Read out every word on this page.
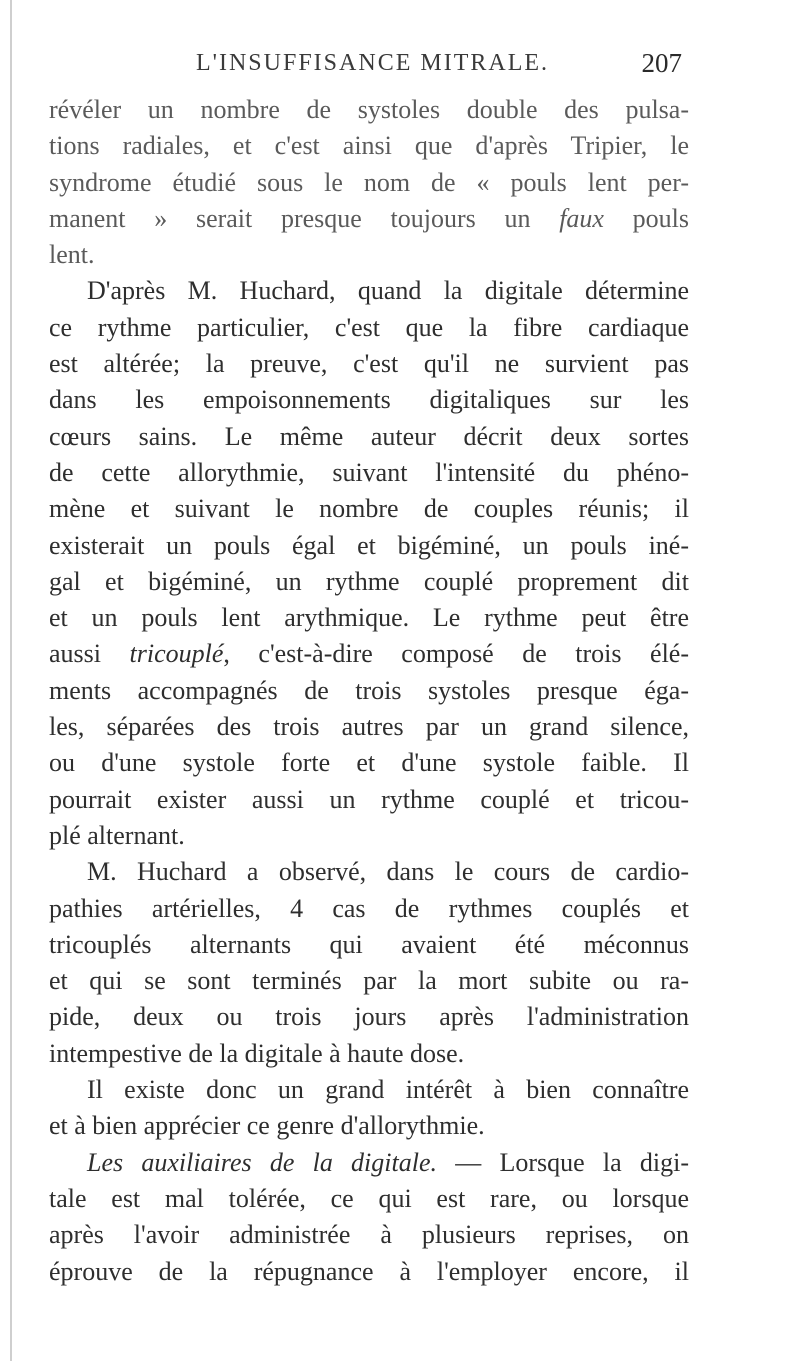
L'INSUFFISANCE MITRALE.	207
révéler un nombre de systoles double des pulsa-
tions radiales, et c'est ainsi que d'après Tripier, le
syndrome étudié sous le nom de « pouls lent per-
manent » serait presque toujours un faux pouls
lent.
D'après M. Huchard, quand la digitale détermine
ce rythme particulier, c'est que la fibre cardiaque
est altérée; la preuve, c'est qu'il ne survient pas
dans les empoisonnements digitaliques sur les
cœurs sains. Le même auteur décrit deux sortes
de cette allorythmie, suivant l'intensité du phéno-
mène et suivant le nombre de couples réunis; il
existerait un pouls égal et bigéminé, un pouls iné-
gal et bigéminé, un rythme couplé proprement dit
et un pouls lent arythmique. Le rythme peut être
aussi tricouplé, c'est-à-dire composé de trois élé-
ments accompagnés de trois systoles presque éga-
les, séparées des trois autres par un grand silence,
ou d'une systole forte et d'une systole faible. Il
pourrait exister aussi un rythme couplé et tricou-
plé alternant.
M. Huchard a observé, dans le cours de cardio-
pathies artérielles, 4 cas de rythmes couplés et
tricouplés alternants qui avaient été méconnus
et qui se sont terminés par la mort subite ou ra-
pide, deux ou trois jours après l'administration
intempestive de la digitale à haute dose.
Il existe donc un grand intérêt à bien connaître
et à bien apprécier ce genre d'allorythmie.
Les auxiliaires de la digitale. — Lorsque la digi-
tale est mal tolérée, ce qui est rare, ou lorsque
après l'avoir administrée à plusieurs reprises, on
éprouve de la répugnance à l'employer encore, il
